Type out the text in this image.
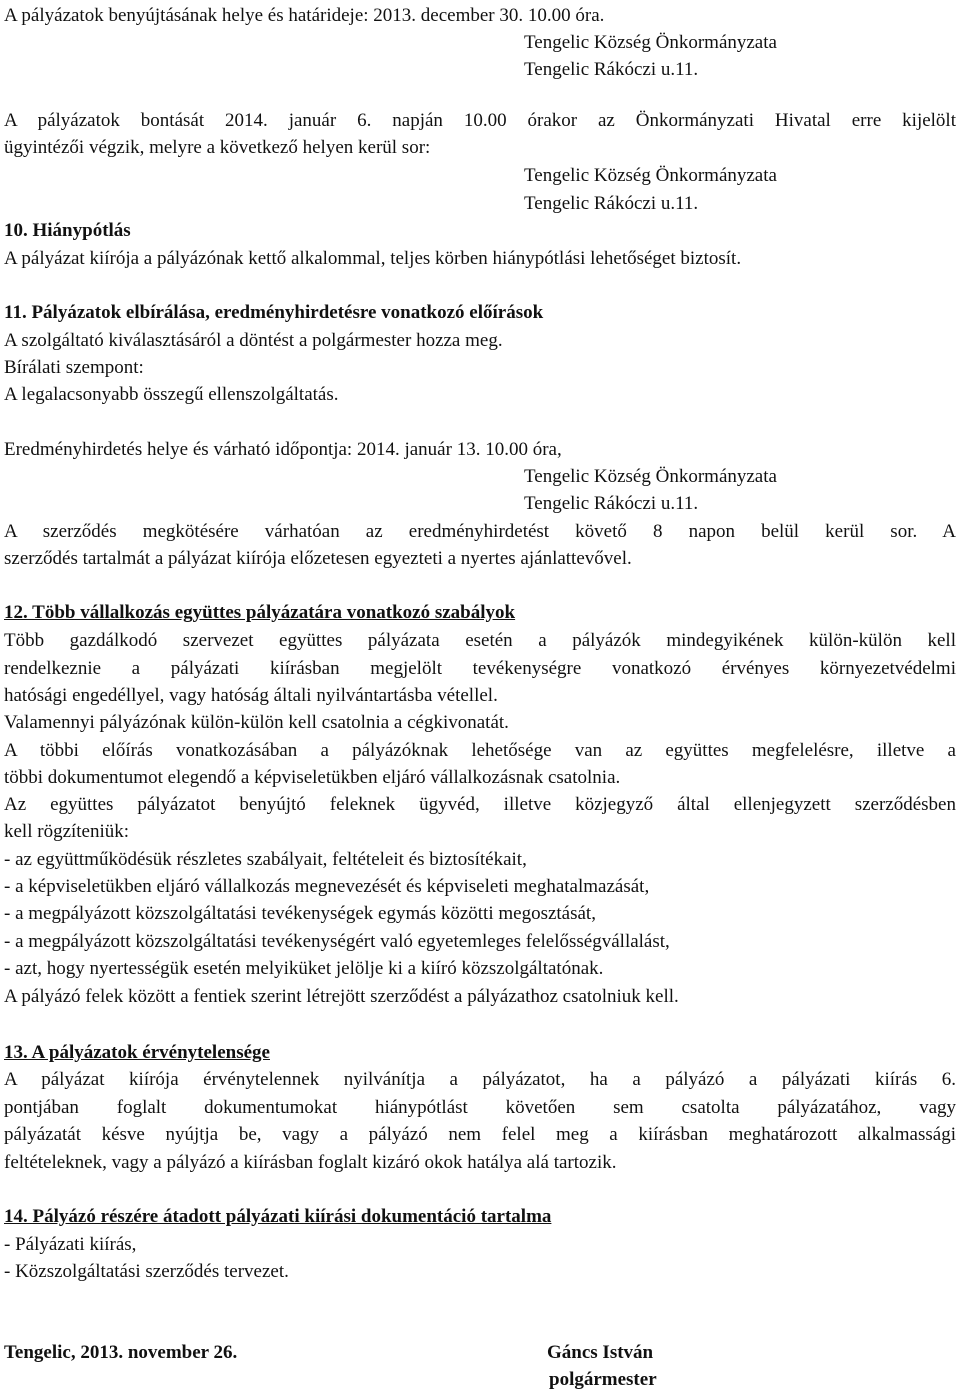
A pályázatok benyújtásának helye és határideje: 2013. december 30. 10.00 óra.
Tengelic Község Önkormányzata
Tengelic Rákóczi u.11.
A pályázatok bontását 2014. január 6. napján 10.00 órakor az Önkormányzati Hivatal erre kijelölt
ügyintézői végzik, melyre a következő helyen kerül sor:
Tengelic Község Önkormányzata
Tengelic Rákóczi u.11.
10. Hiánypótlás
A pályázat kiírója a pályázónak kettő alkalommal, teljes körben hiánypótlási lehetőséget biztosít.
11. Pályázatok elbírálása, eredményhirdetésre vonatkozó előírások
A szolgáltató kiválasztásáról a döntést a polgármester hozza meg.
Bírálati szempont:
A legalacsonyabb összegű ellenszolgáltatás.
Eredményhirdetés helye és várható időpontja: 2014. január 13. 10.00 óra,
Tengelic Község Önkormányzata
Tengelic Rákóczi u.11.
A szerződés megkötésére várhatóan az eredményhirdetést követő 8 napon belül kerül sor. A
szerződés tartalmát a pályázat kiírója előzetesen egyezteti a nyertes ajánlattevővel.
12. Több vállalkozás együttes pályázatára vonatkozó szabályok
Több gazdálkodó szervezet együttes pályázata esetén a pályázók mindegyikének külön-külön kell
rendelkeznie a pályázati kiírásban megjelölt tevékenységre vonatkozó érvényes környezetvédelmi
hatósági engedéllyel, vagy hatóság általi nyilvántartásba vétellel.
Valamennyi pályázónak külön-külön kell csatolnia a cégkivonatát.
A többi előírás vonatkozásában a pályázóknak lehetősége van az együttes megfelelésre, illetve a
többi dokumentumot elegendő a képviseletükben eljáró vállalkozásnak csatolnia.
Az együttes pályázatot benyújtó feleknek ügyvéd, illetve közjegyző által ellenjegyzett szerződésben
kell rögzíteniük:
- az együttműködésük részletes szabályait, feltételeit és biztosítékait,
- a képviseletükben eljáró vállalkozás megnevezését és képviseleti meghatalmazását,
- a megpályázott közszolgáltatási tevékenységek egymás közötti megosztását,
- a megpályázott közszolgáltatási tevékenységért való egyetemleges felelősségvállalást,
- azt, hogy nyertességük esetén melyiküket jelölje ki a kiíró közszolgáltatónak.
A pályázó felek között a fentiek szerint létrejött szerződést a pályázathoz csatolniuk kell.
13. A pályázatok érvénytelensége
A pályázat kiírója érvénytelennek nyilvánítja a pályázatot, ha a pályázó a pályázati kiírás 6.
pontjában foglalt dokumentumokat hiánypótlást követően sem csatolta pályázatához, vagy
pályázatát késve nyújtja be, vagy a pályázó nem felel meg a kiírásban meghatározott alkalmassági
feltételeknek, vagy a pályázó a kiírásban foglalt kizáró okok hatálya alá tartozik.
14. Pályázó részére átadott pályázati kiírási dokumentáció tartalma
- Pályázati kiírás,
- Közszolgáltatási szerződés tervezet.
Tengelic, 2013. november 26.	Gáncs István
polgármester
